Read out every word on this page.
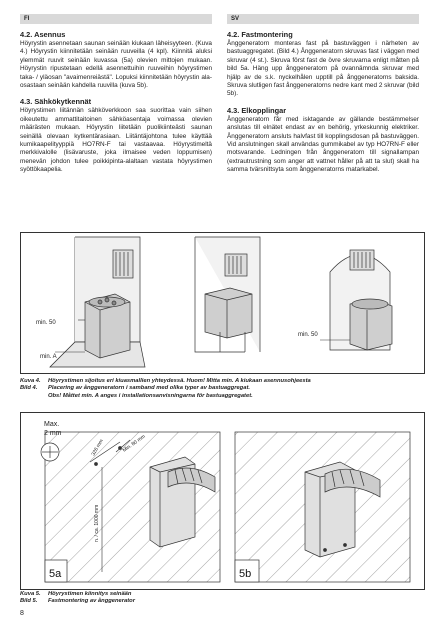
FI	SV
4.2. Asennus

Höyrystin asennetaan saunan seinään kiukaan läheisyyteen. (Kuva 4.) Höyrystin kiinnitetään seinään ruuveilla (4 kpl). Kiinnitä aluksi ylemmät ruuvit seinään kuvassa (5a) olevien mittojen mukaan. Höyrystin ripustetaan edellä asennettuihin ruuveihin höyrystimen taka- / yläosan "avaimenreiästä". Lopuksi kiinnitetään höyrystin ala-osastaan seinään kahdella ruuvilla (kuva 5b).

4.3. Sähkökytkennät

Höyrystimen liitännän sähköverkkoon saa suorittaa vain siihen oikeutettu ammattitaitoinen sähköasentaja voimassa olevien määrästen mukaan. Höyrystin liitetään puolikiinteästi saunan seinällä olevaan kytkentärasiaan. Liitäntäjohtona tulee käyttää kumikaapelityyppiä HO7RN-F tai vastaavaa. Höyrystimeltä merkkivalolle (lisävaruste, joka ilmaisee veden loppumisen) menevän johdon tulee poikkipinta-alaltaan vastata höyrystimen syöttökaapelia.

4.2. Fastmontering

Ånggeneratorn monteras fast på bastuväggen i närheten av bastuaggregatet. (Bild 4.) Ånggeneratorn skruvas fast i väggen med skruvar (4 st.). Skruva först fast de övre skruvarna enligt måtten på bild 5a. Häng upp ånggeneratorn på ovannämnda skruvar med hjälp av de s.k. nyckelhålen upptill på ånggeneratorns baksida. Skruva slutligen fast ånggeneratorns nedre kant med 2 skruvar (bild 5b).

4.3. Elkopplingar

Ånggeneratorn får med isktagande av gällande bestämmelser anslutas till elnätet endast av en behörig, yrkeskunnig elektriker. Ånggeneratorn ansluts halvfast till kopplingsdosan på bastuväggen. Vid anslutningen skall användas gummikabel av typ HO7RN-F eller motsvarande. Ledningen från ånggeneratorn till signallampan (extrautrustning som anger att vattnet håller på att ta slut) skall ha samma tvärsnittsyta som ånggeneratorns matarkabel.

min. 50
min. A
min. 50
Kuva 4. Höyrystimen sijoitus eri kiuasmallien yhteydessä. Huom! Mitta min. A kiukaan asennusohjeesta
Bild 4. Placering av ånggeneratorn i samband med olika typer av bastuaggregat.
Obs! Måttet min. A anges i installationsanvisningarna för bastuaggregatet.
326 mm	Min. 80 mm
n. / ca. 1000 mm
5a
Max.
2 mm
5b
Kuva 5. Höyrystimen kiinnitys seinään
Bild 5. Fastmontering av ånggenerator
8
